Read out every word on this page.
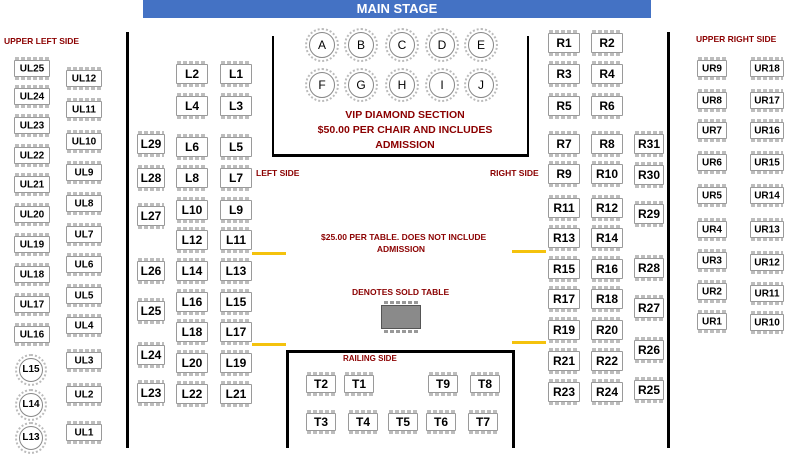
MAIN STAGE
UPPER LEFT SIDE	UPPER RIGHT SIDE
LEFT SIDE	RIGHT SIDE
RAILING SIDE
DENOTES SOLD TABLE
VIP DIAMOND SECTION
$50.00 PER CHAIR AND INCLUDES
ADMISSION
$25.00 PER TABLE. DOES NOT INCLUDE
ADMISSION
UL25
UL24
UL23
UL22
UL21
UL20
UL19
UL18
UL17
UL16
L15
L14
L13
UL12
UL11
UL10
UL9
UL8
UL7
UL6
UL5
UL4
UL3
UL2
UL1
L29
L28
L27
L26
L25
L24
L23
L2	L1
L4	L3
L6	L5
L8	L7
L10	L9
L12	L11
L14	L13
L16	L15
L18	L17
L20	L19
L22	L21
A	B	C	D	E
F	G	H	I	J
R1	R2
R3	R4
R5	R6
R7	R8
R9	R10
R11	R12
R13	R14
R15	R16
R17	R18
R19	R20
R21	R22
R23	R24
R31
R30
R29
R28
R27
R26
R25
UR9
UR8
UR7
UR6
UR5
UR4
UR3
UR2
UR1
UR18
UR17
UR16
UR15
UR14
UR13
UR12
UR11
UR10
T2	T1	T9	T8
T3	T4	T5	T6	T7
